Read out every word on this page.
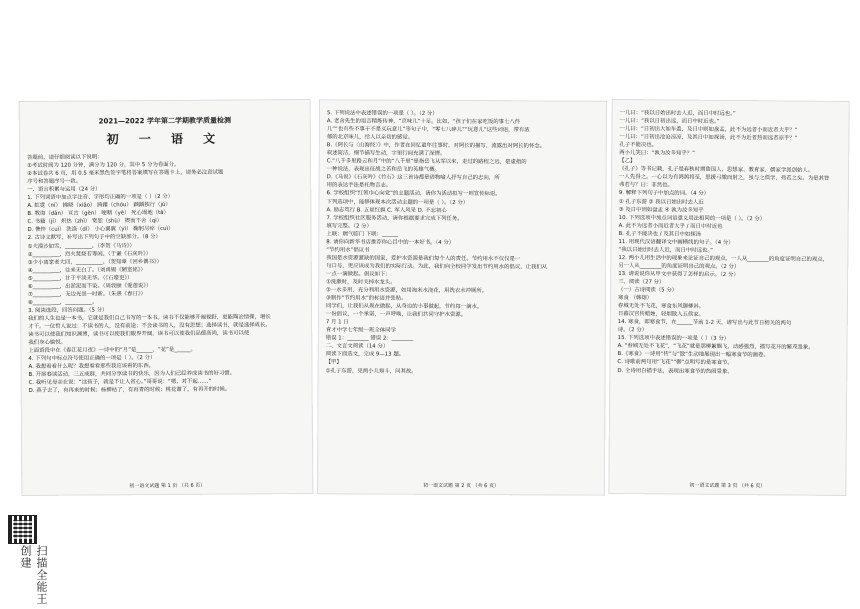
2021—2022 学年第二学期教学质量检测
初 一 语 文

答题前，请仔细阅读以下说明：

①考试时间为 120 分钟，满分为 120 分，其中 5 分为卷面分。

②本试卷共 6 页，用 0.5 毫米黑色签字笔将答案填写在答题卡上，请务必注意试题

序号和答题序号一致。

一、语言积累与运用（24 分）

1. 下列词语中加点字注音、字形均正确的一项是（ ）（2 分）

A. 虹霓（ní） 拂晓（xiǎo） 踌躇（chóu） 踽踽独行（jǔ）

B. 教诲（dǎn） 亘古（gèn） 哽咽（yè） 死心塌地（tā）

C. 书籍（jí） 炽热（zhì） 宽恕（shù） 锲而不舍（qì）

D. 憔悴（cuì） 洗涤（dí） 小心翼翼（yì） 鞠躬尽瘁（cuì）

2. 古诗文默写，补写出下列句子中的空缺部分。（8 分）

①大漠沙如雪，__________。（李贺《马诗》）

②__________，烈火焚烧若等闲。（于谦《石灰吟》）

③少小离家老大回，__________。（贺知章《回乡偶书》）

④__________，往来无白丁。（刘禹锡《陋室铭》）

⑤__________，甘于平淡无华。（《石壕吏》）

⑥__________，出淤泥而不染。（周敦颐《爱莲说》）

⑦__________，无边光景一时新。（朱熹《春日》）

⑧__________，__________。

3. 阅读选段，回答问题。（5 分）

我们的人生也是一本书，它就是我们自己书写的一本书。读书不仅能够开阔视野，更能陶冶情操，增长

才干。一位哲人说过：不读书的人，没有前途；不会读书的人，没有思想；选择读书，就是选择成长。

读书可以使我们知识渊博，读书可以使我们眼界开阔，读书可以使我们品德高尚，读书可以使

我们身心愉悦。

上面语段中在《春江花月夜》一诗中的“月”是______，“花”是______。

4. 下列句中标点符号使用正确的一项是（ ）。（2 分）

A. 我想看看什么呢？我想看看那些我应该看的东西。

B. 开展春读活动，三五成群，共同分享读书的快乐，因为人们已经养成读书的好习惯。

C. 我听见母亲在说：“这孩子，就是不让人省心。”哥哥说：“嗯，对不起……”

D. 燕子去了，有再来的时候；杨柳枯了，有再青的时候；桃花谢了，有再开的时候。

初一语文试题 第 1 页 （共 6 页）

5. 下列说法中表述错误的一项是（ ）。（2 分）

A. 老舍先生的语言精炼传神，“京味儿”十足。比如，“孩子们在家吃饭的事七八件

儿”“也有些不事干不是买玩意儿”等句子中，“零七八碎儿”“玩意儿”这些词语，带有浓

郁的北京味儿，给人以亲切的感觉。

B.《阿长与〈山海经〉》中，作者在回忆童年往事时，对阿长的描写，流露出对阿长的怀念。

叙述简洁，细节描写生动，字里行间充满了深情。

C.“八千多里路云和月”中的“八千里”是指岳飞从军以来，走过的路程之远，是虚指的

一种说法，表现出征战之苦和岳飞的英雄气概。

D.《马说》《石灰吟》《竹石》这三首诗都是借物喻人抒写自己的志向，所

用的表达手法是托物言志。

6. 学校组织“红领巾心向党”的主题活动，请你为活动拟写一则宣传标语。

下列选项中，能够体现本次活动主题的一项是（ ）。（2 分）

A. 励志笃行 B. 五星红旗 C. 军人风采 D. 不忘初心

7. 学校组织社区服务活动，请你根据要求完成下列任务。

填写完整。（2 分）

上联：瑞气临门 下联：______

8. 请你向新华书店推荐你心目中的一本好书。（4 分）

“节约用水”倡议书

我国是水资源紧缺的国家，爱护水资源是我们每个人的责任。节约用水不仅仅是一

句口号，更应该成为我们的实际行动。为此，我们向全校同学发出节约用水的倡议，让我们从

一点一滴做起。倡议如下：

①洗漱时，及时关掉水龙头。

②一水多用，充分利用水资源，如用淘米水浇花，用洗衣水冲厕所。

③制作“节约用水”的标语并张贴。

同学们，让我们从现在做起，从身边的小事做起，节约每一滴水。

一份倡议，一个承诺，一声呼唤，让我们共同守护水资源。

7 月 1 日

育才中学七年级一班全体同学

错误 1：________ 错误 2：________

二、文言文阅读（14 分）

阅读下面选文，完成 9—13 题。

【甲】

①孔子东游，见两小儿辩斗，问其故。

初一语文试题 第 2 页 （共 6 页）

一儿曰：“我以日始出时去人近，而日中时远也。”

一儿曰：“我以日初出远，而日中时近也。”

一儿曰：“日初出大如车盖，及日中则如盘盂，此不为远者小而近者大乎？”

一儿曰：“日初出沧沧凉凉，及其日中如探汤，此不为近者热而远者凉乎？”

孔子不能决也。

两小儿笑曰：“孰为汝多知乎？”

【乙】

《孔子》等书记载，孔子是春秋时期鲁国人，思想家、教育家，儒家学派创始人。

一人先得之。一心以为有鸿鹄将至，思援弓缴而射之，虽与之俱学，弗若之矣。为是其智

弗若与？曰：非然也。

9. 解释下列句子中加点的词。（4 分）

① 孔子东游 ② 我以日始出时去人近

③ 及日中则如盘盂 ④ 孰为汝多知乎

10. 下列选项中加点词语意义用法相同的一项是（ ）。（2 分）

A. 此不为远者小而近者大乎 / 而日中时近也

B. 孔子不能决也 / 及其日中如探汤

11. 用现代汉语翻译文中画横线的句子。（4 分）

“我以日始出时去人近，而日中时远也。”

12. 两小儿用生活中的现象来论证自己的观点，一人从________的角度证明自己的观点，

另一人从________的角度证明自己的观点。（2 分）

13. 请说说你从甲文中获得了怎样的启示。（2 分）

三、阅读（27 分）

（一）古诗阅读（5 分）

寒食 （韩翃）

春城无处不飞花，寒食东风御柳斜。

日暮汉宫传蜡烛，轻烟散入五侯家。

14. 寒食，即寒食节，在______节前 1-2 天，请写出与此节日相关的两句

诗。（2 分）

15. 下列选项中表述错误的一项是（ ）（3 分）

A. “春城无处不飞花”，“飞花”就是那柳絮飘飞，动感强烈，描写花开的繁茂景象。

B.《寒食》一诗用“传”与“散”生动地展现出一幅寒食节的画卷。

C. 诗歌前两句用“飞花”“御”点明写的是寒食节。

D. 全诗用白描手法，表现出寒食节的热闹景象。

初一语文试题 第 3 页 （共 6 页）
扫描全能王 创建
